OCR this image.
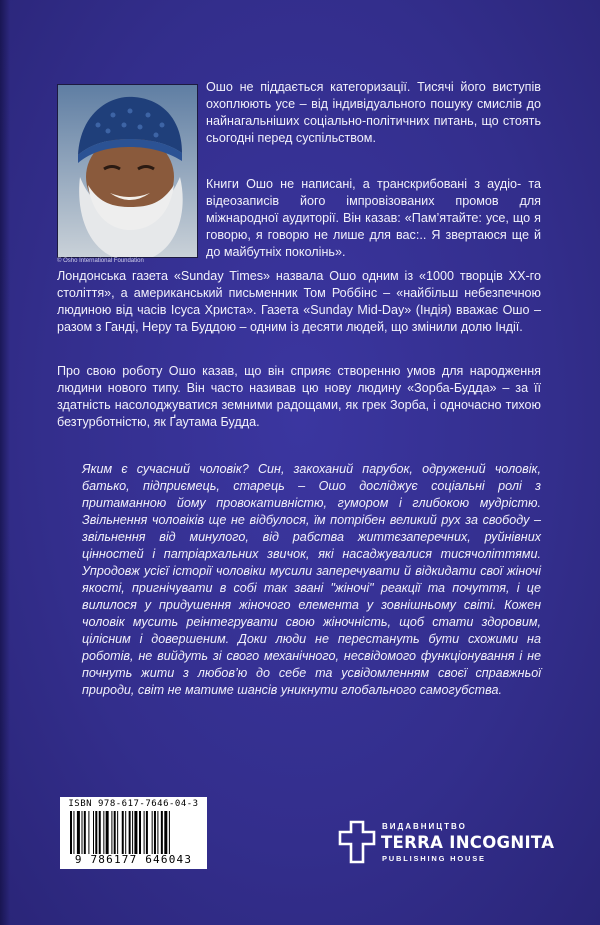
© Osho International Foundation

Ошо не піддається категоризації. Тисячі його виступів охоплюють усе – від індивідуального пошуку смислів до найнагальніших соціально-політичних питань, що стоять сьогодні перед суспільством.

Книги Ошо не написані, а транскрибовані з аудіо- та відеозаписів його імпровізованих промов для міжнародної аудиторії. Він казав: «Пам’ятайте: усе, що я говорю, я говорю не лише для вас:.. Я звертаюся ще й до майбутніх поколінь».

Лондонська газета «Sunday Times» назвала Ошо одним із «1000 творців XX-го століття», а американський письменник Том Роббінс – «найбільш небезпечною людиною від часів Ісуса Христа». Газета «Sunday Mid-Day» (Індія) вважає Ошо – разом з Ганді, Неру та Буддою – одним із десяти людей, що змінили долю Індії.

Про свою роботу Ошо казав, що він сприяє створенню умов для народження людини нового типу. Він часто називав цю нову людину «Зорба-Будда» – за її здатність насолоджуватися земними радощами, як грек Зорба, і одночасно тихою безтурботністю, як Ґаутама Будда.

Яким є сучасний чоловік? Син, закоханий парубок, одружений чоловік, батько, підприємець, старець – Ошо досліджує соціальні ролі з притаманною йому провокативністю, гумором і глибокою мудрістю. Звільнення чоловіків ще не відбулося, їм потрібен великий рух за свободу – звільнення від минулого, від рабства життєзаперечних, руйнівних цінностей і патріархальних звичок, які насаджувалися тисячоліттями. Упродовж усієї історії чоловіки мусили заперечувати й відкидати свої жіночі якості, пригнічувати в собі так звані "жіночі" реакції та почуття, і це вилилося у придушення жіночого елемента у зовнішньому світі. Кожен чоловік мусить реінтегрувати свою жіночність, щоб стати здоровим, цілісним і довершеним. Доки люди не перестануть бути схожими на роботів, не вийдуть зі свого механічного, несвідомого функціонування і не почнуть жити з любов’ю до себе та усвідомленням своєї справжньої природи, світ не матиме шансів уникнути глобального самогубства.

ISBN 978-617-7646-04-3
9 786177 646043
ВИДАВНИЦТВО
TERRA INCOGNITA
PUBLISHING HOUSE
